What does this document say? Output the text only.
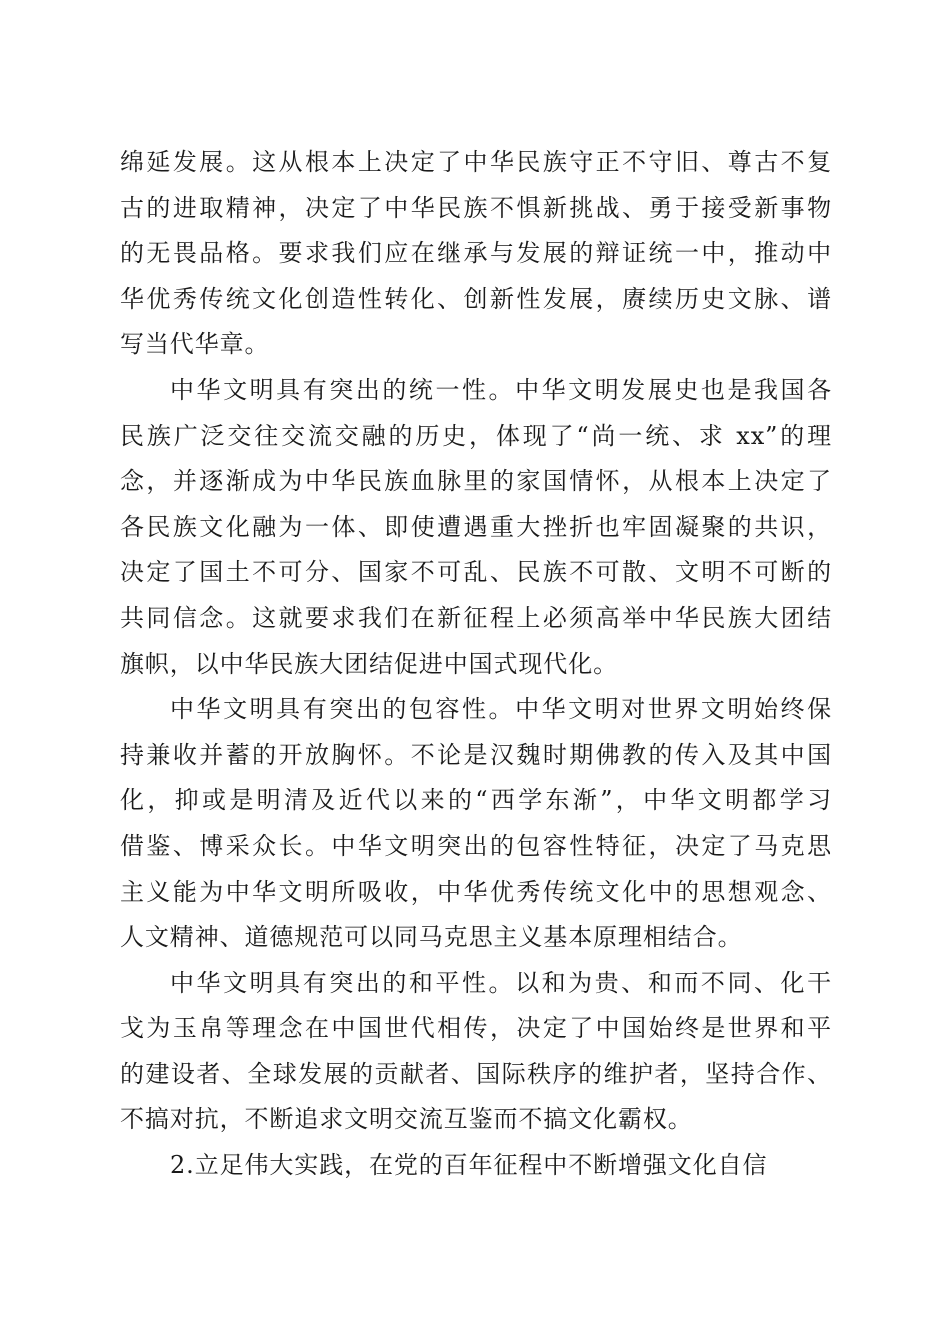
绵延发展。这从根本上决定了中华民族守正不守旧、尊古不复
古的进取精神，决定了中华民族不惧新挑战、勇于接受新事物
的无畏品格。要求我们应在继承与发展的辩证统一中，推动中
华优秀传统文化创造性转化、创新性发展，赓续历史文脉、谱
写当代华章。
中华文明具有突出的统一性。中华文明发展史也是我国各
民族广泛交往交流交融的历史，体现了“尚一统、求 xx”的理
念，并逐渐成为中华民族血脉里的家国情怀，从根本上决定了
各民族文化融为一体、即使遭遇重大挫折也牢固凝聚的共识，
决定了国土不可分、国家不可乱、民族不可散、文明不可断的
共同信念。这就要求我们在新征程上必须高举中华民族大团结
旗帜，以中华民族大团结促进中国式现代化。
中华文明具有突出的包容性。中华文明对世界文明始终保
持兼收并蓄的开放胸怀。不论是汉魏时期佛教的传入及其中国
化，抑或是明清及近代以来的“西学东渐”，中华文明都学习
借鉴、博采众长。中华文明突出的包容性特征，决定了马克思
主义能为中华文明所吸收，中华优秀传统文化中的思想观念、
人文精神、道德规范可以同马克思主义基本原理相结合。
中华文明具有突出的和平性。以和为贵、和而不同、化干
戈为玉帛等理念在中国世代相传，决定了中国始终是世界和平
的建设者、全球发展的贡献者、国际秩序的维护者，坚持合作、
不搞对抗，不断追求文明交流互鉴而不搞文化霸权。
2.立足伟大实践，在党的百年征程中不断增强文化自信
